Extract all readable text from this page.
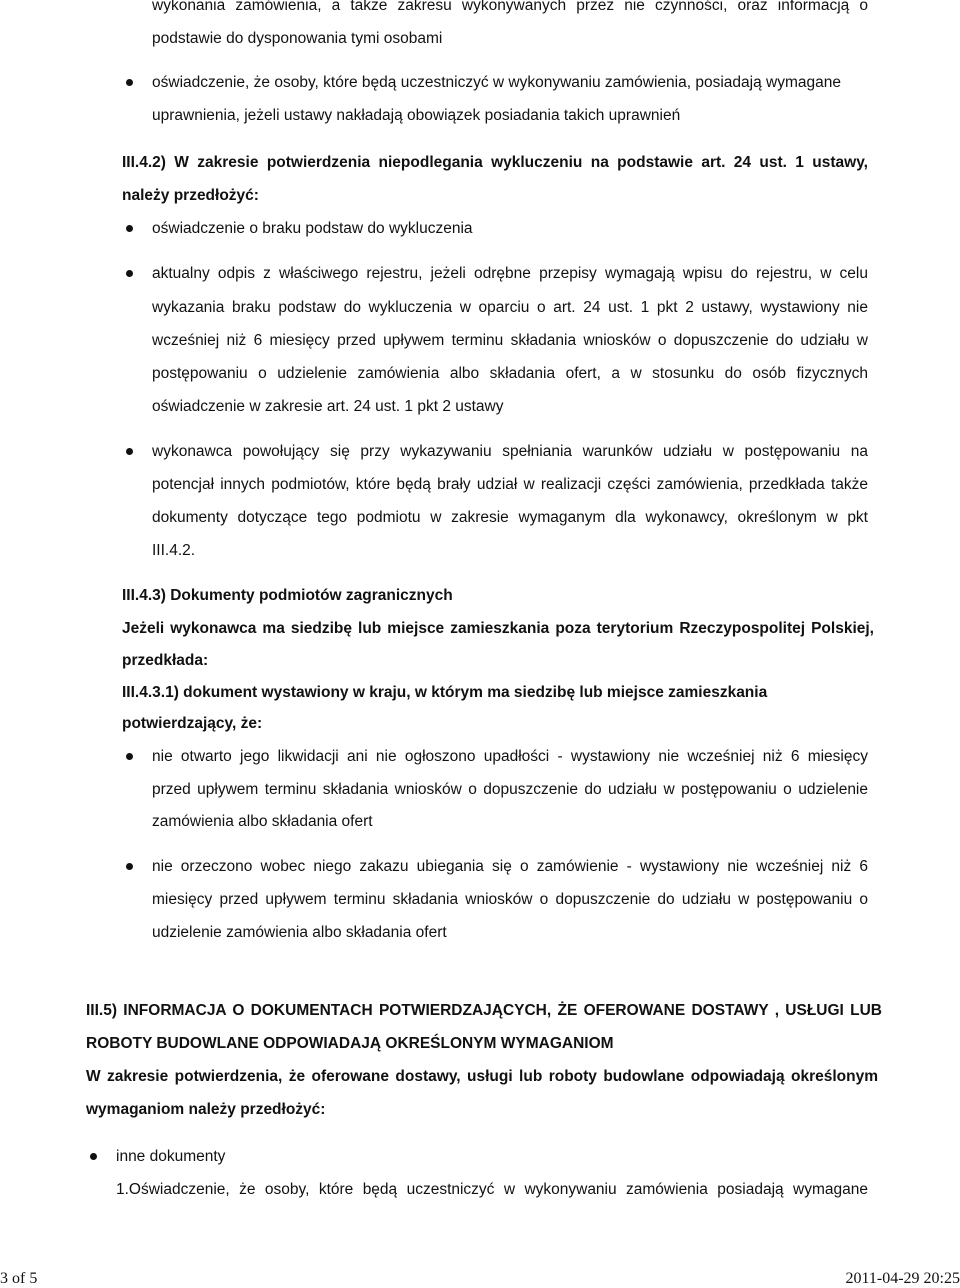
wykonania zamówienia, a także zakresu wykonywanych przez nie czynności, oraz informacją o
podstawie do dysponowania tymi osobami
oświadczenie, że osoby, które będą uczestniczyć w wykonywaniu zamówienia, posiadają wymagane
uprawnienia, jeżeli ustawy nakładają obowiązek posiadania takich uprawnień
III.4.2) W zakresie potwierdzenia niepodlegania wykluczeniu na podstawie art. 24 ust. 1 ustawy,
należy przedłożyć:
oświadczenie o braku podstaw do wykluczenia
aktualny odpis z właściwego rejestru, jeżeli odrębne przepisy wymagają wpisu do rejestru, w celu
wykazania braku podstaw do wykluczenia w oparciu o art. 24 ust. 1 pkt 2 ustawy, wystawiony nie
wcześniej niż 6 miesięcy przed upływem terminu składania wniosków o dopuszczenie do udziału w
postępowaniu o udzielenie zamówienia albo składania ofert, a w stosunku do osób fizycznych
oświadczenie w zakresie art. 24 ust. 1 pkt 2 ustawy
wykonawca powołujący się przy wykazywaniu spełniania warunków udziału w postępowaniu na
potencjał innych podmiotów, które będą brały udział w realizacji części zamówienia, przedkłada także
dokumenty dotyczące tego podmiotu w zakresie wymaganym dla wykonawcy, określonym w pkt
III.4.2.
III.4.3) Dokumenty podmiotów zagranicznych
Jeżeli wykonawca ma siedzibę lub miejsce zamieszkania poza terytorium Rzeczypospolitej Polskiej,
przedkłada:
III.4.3.1) dokument wystawiony w kraju, w którym ma siedzibę lub miejsce zamieszkania
potwierdzający, że:
nie otwarto jego likwidacji ani nie ogłoszono upadłości - wystawiony nie wcześniej niż 6 miesięcy
przed upływem terminu składania wniosków o dopuszczenie do udziału w postępowaniu o udzielenie
zamówienia albo składania ofert
nie orzeczono wobec niego zakazu ubiegania się o zamówienie - wystawiony nie wcześniej niż 6
miesięcy przed upływem terminu składania wniosków o dopuszczenie do udziału w postępowaniu o
udzielenie zamówienia albo składania ofert
III.5) INFORMACJA O DOKUMENTACH POTWIERDZAJĄCYCH, ŻE OFEROWANE DOSTAWY , USŁUGI LUB
ROBOTY BUDOWLANE ODPOWIADAJĄ OKREŚLONYM WYMAGANIOM
W zakresie potwierdzenia, że oferowane dostawy, usługi lub roboty budowlane odpowiadają określonym
wymaganiom należy przedłożyć:
inne dokumenty
1.Oświadczenie, że osoby, które będą uczestniczyć w wykonywaniu zamówienia posiadają wymagane
3 of 5	2011-04-29 20:25
